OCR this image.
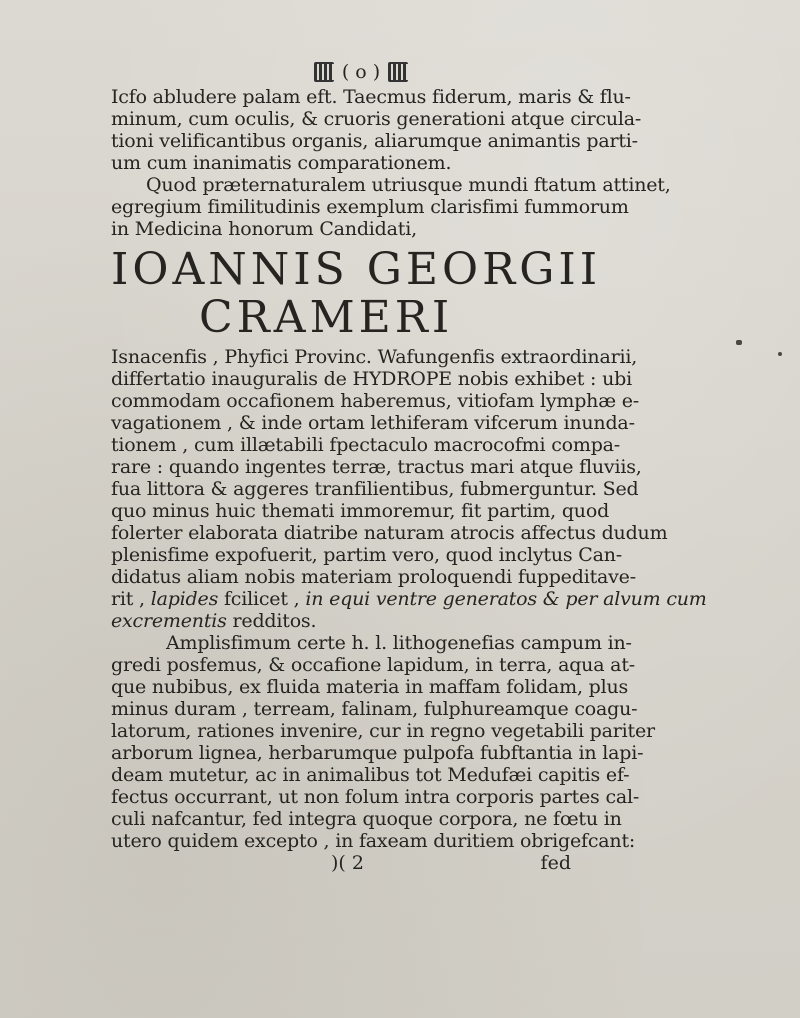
( o )
Icfo abludere palam eft. Taecmus fiderum, maris & flu-
minum, cum oculis, & cruoris generationi atque circula-
tioni velificantibus organis, aliarumque animantis parti-
um cum inanimatis comparationem.
Quod præternaturalem utriusque mundi ftatum attinet,
egregium fimilitudinis exemplum clarisfimi fummorum
in Medicina honorum Candidati,
IOANNIS GEORGII
CRAMERI
Isnacenfis , Phyfici Provinc. Wafungenfis extraordinarii,
differtatio inauguralis de HYDROPE nobis exhibet : ubi
commodam occafionem haberemus, vitiofam lymphæ e-
vagationem , & inde ortam lethiferam vifcerum inunda-
tionem , cum illætabili fpectaculo macrocofmi compa-
rare : quando ingentes terræ, tractus mari atque fluviis,
fua littora & aggeres tranfilientibus, fubmerguntur. Sed
quo minus huic themati immoremur, fit partim, quod
folerter elaborata diatribe naturam atrocis affectus dudum
plenisfime expofuerit, partim vero, quod inclytus Can-
didatus aliam nobis materiam proloquendi fuppeditave-
rit , lapides fcilicet , in equi ventre generatos & per alvum cum
excrementis redditos.
Amplisfimum certe h. l. lithogenefias campum in-
gredi posfemus, & occafione lapidum, in terra, aqua at-
que nubibus, ex fluida materia in maffam folidam, plus
minus duram , terream, falinam, fulphureamque coagu-
latorum, rationes invenire, cur in regno vegetabili pariter
arborum lignea, herbarumque pulpofa fubftantia in lapi-
deam mutetur, ac in animalibus tot Medufæi capitis ef-
fectus occurrant, ut non folum intra corporis partes cal-
culi nafcantur, fed integra quoque corpora, ne fœtu in
utero quidem excepto , in faxeam duritiem obrigefcant:
)( 2	fed
